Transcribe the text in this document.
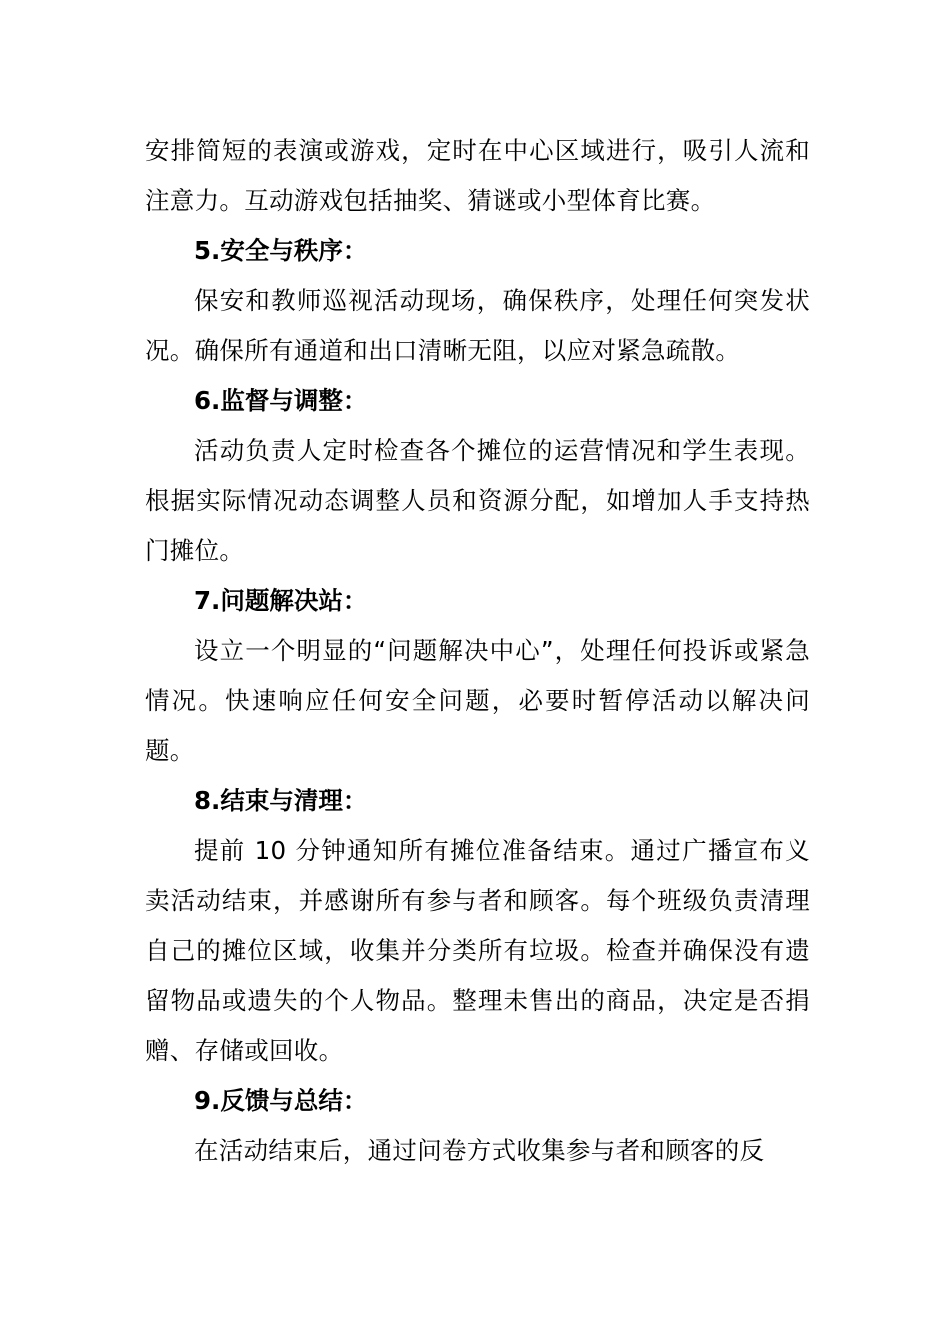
安排简短的表演或游戏，定时在中心区域进行，吸引人流和注意力。互动游戏包括抽奖、猜谜或小型体育比赛。

5.安全与秩序：

保安和教师巡视活动现场，确保秩序，处理任何突发状况。确保所有通道和出口清晰无阻，以应对紧急疏散。

6.监督与调整：

活动负责人定时检查各个摊位的运营情况和学生表现。 根据实际情况动态调整人员和资源分配，如增加人手支持热门摊位。

7.问题解决站：

设立一个明显的“问题解决中心”，处理任何投诉或紧急情况。快速响应任何安全问题，必要时暂停活动以解决问题。

8.结束与清理：

提前 10 分钟通知所有摊位准备结束。通过广播宣布义卖活动结束，并感谢所有参与者和顾客。每个班级负责清理自己的摊位区域，收集并分类所有垃圾。检查并确保没有遗留物品或遗失的个人物品。整理未售出的商品，决定是否捐赠、存储或回收。

9.反馈与总结：

在活动结束后，通过问卷方式收集参与者和顾客的反
